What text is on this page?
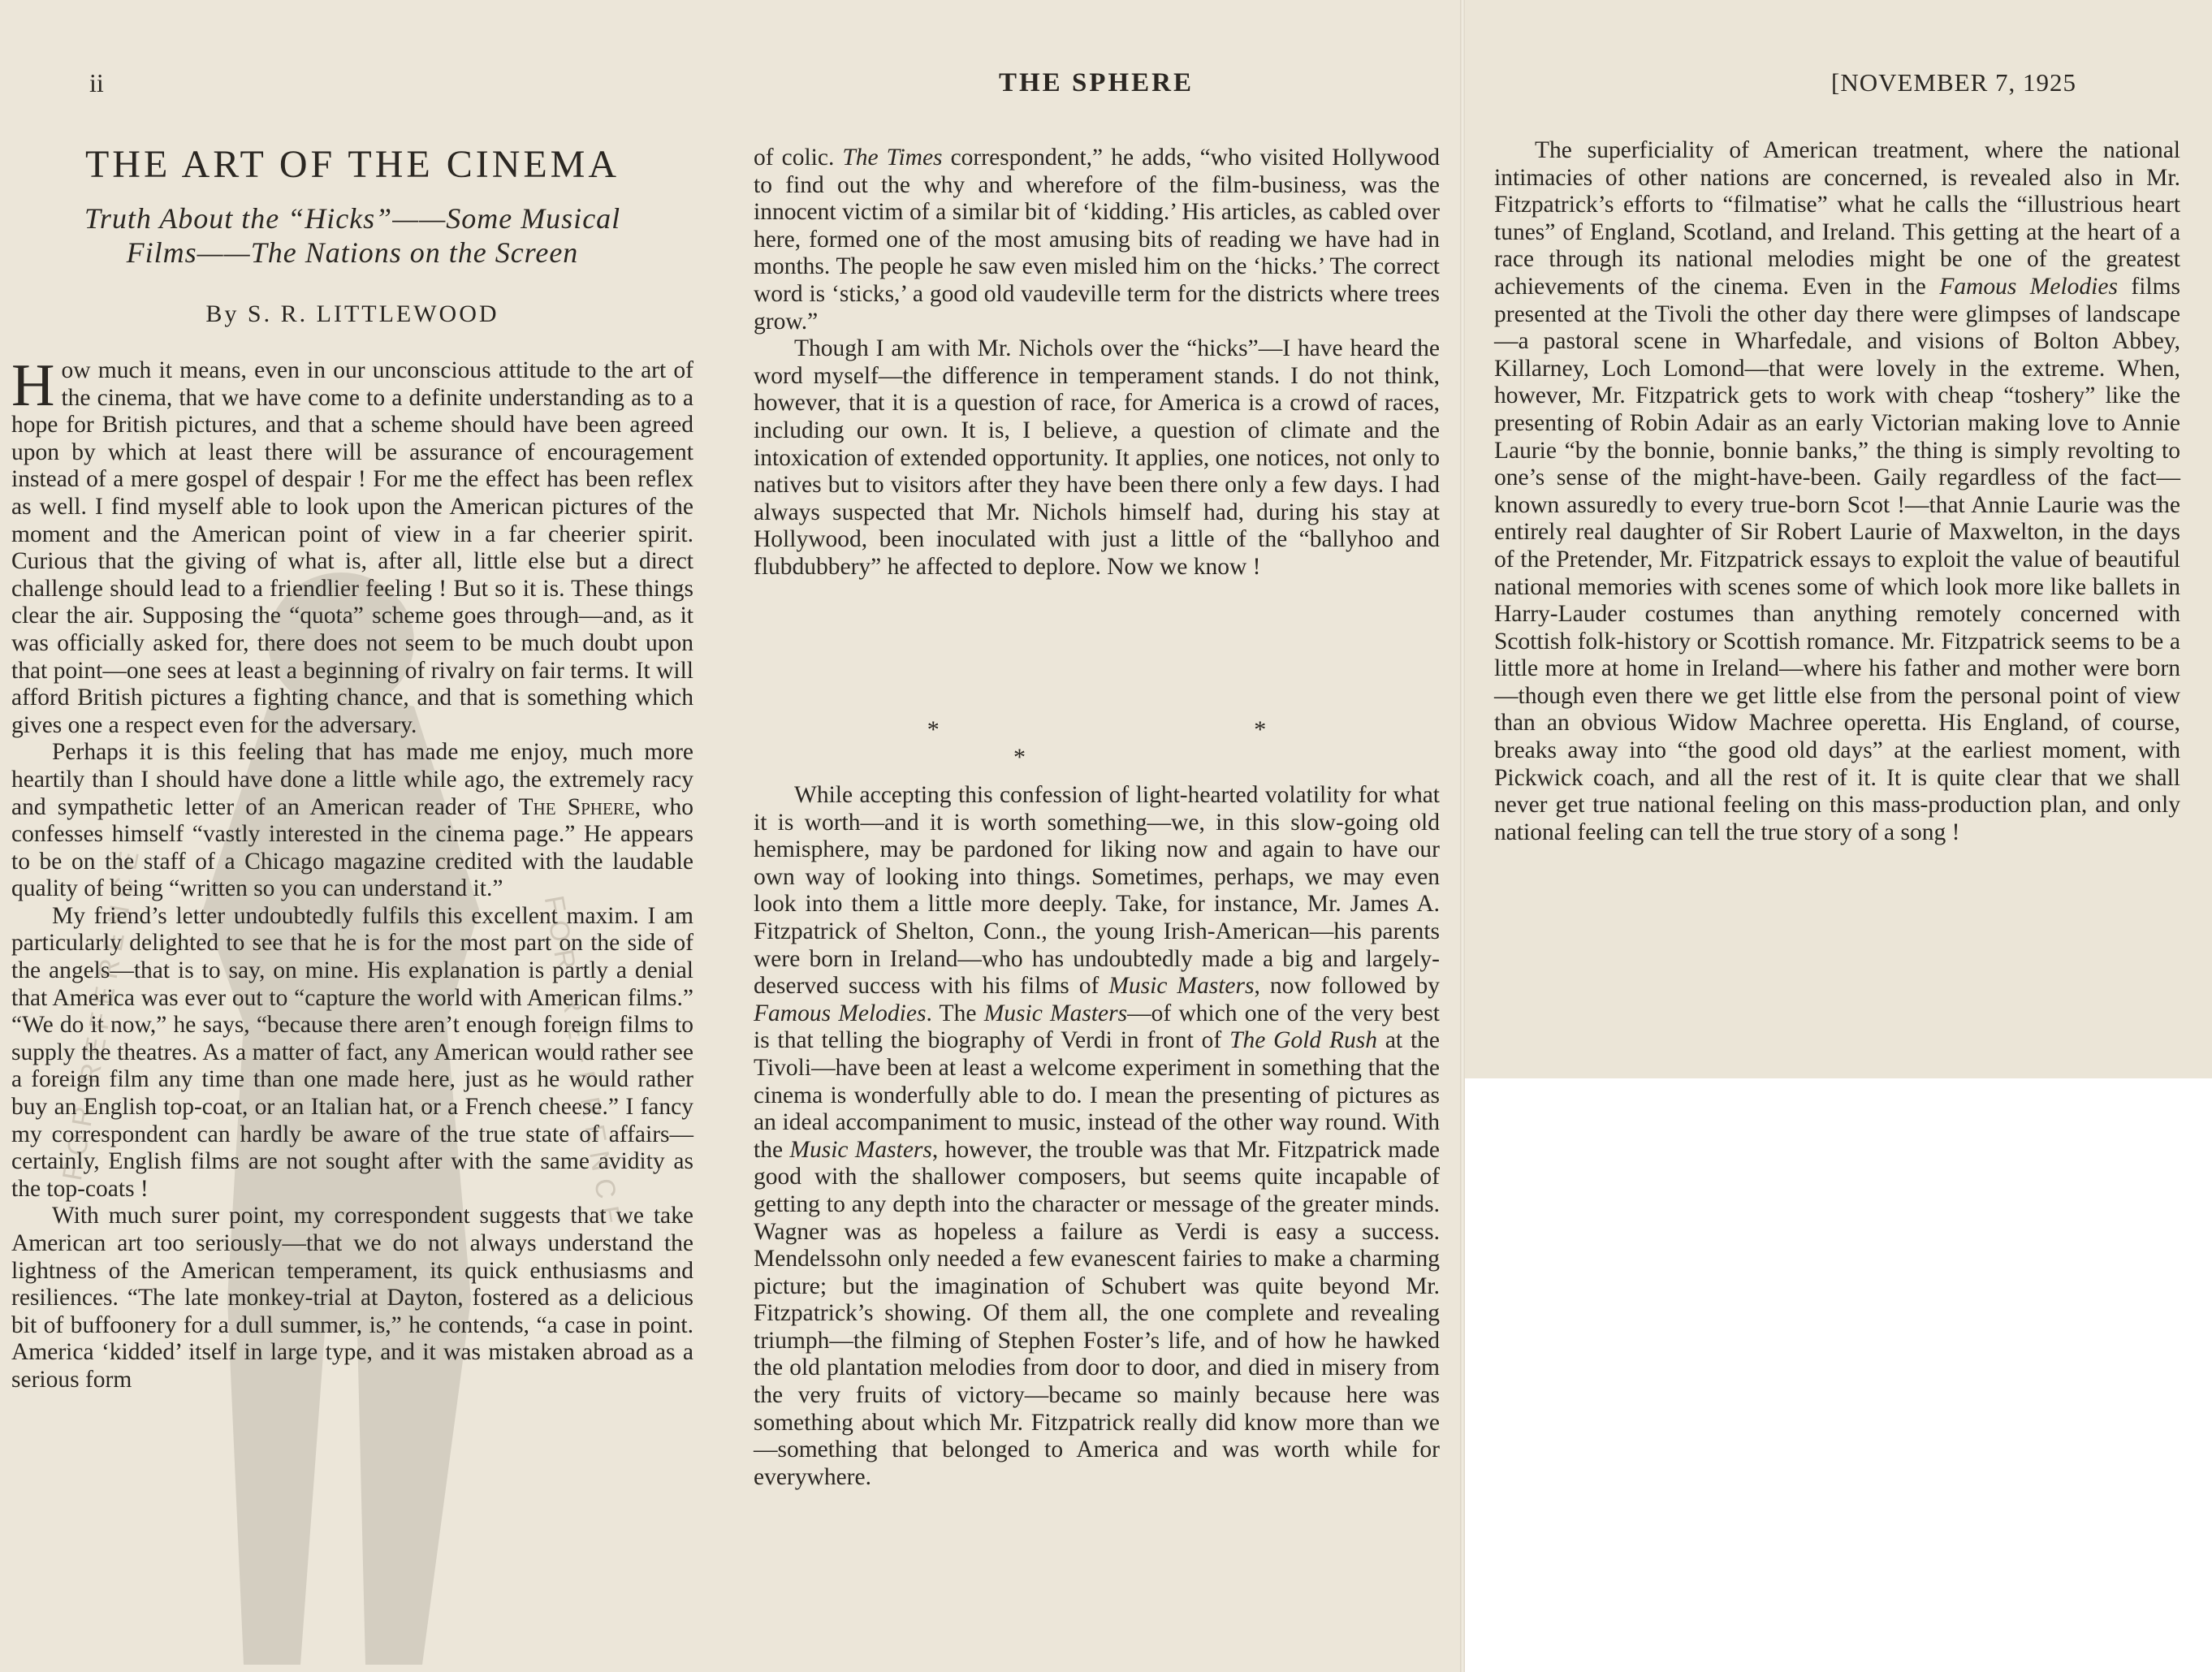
FOR REFERENCE	FOR REFERENCE
ii	THE SPHERE	[NOVEMBER 7, 1925
THE ART OF THE CINEMA
Truth About the “Hicks”——Some Musical
Films——The Nations on the Screen
By S. R. LITTLEWOOD

How much it means, even in our unconscious attitude to the art of the cinema, that we have come to a definite understanding as to a hope for British pictures, and that a scheme should have been agreed upon by which at least there will be assurance of encouragement instead of a mere gospel of despair ! For me the effect has been reflex as well. I find myself able to look upon the American pictures of the moment and the American point of view in a far cheerier spirit. Curious that the giving of what is, after all, little else but a direct challenge should lead to a friendlier feeling ! But so it is. These things clear the air. Supposing the “quota” scheme goes through—and, as it was officially asked for, there does not seem to be much doubt upon that point—one sees at least a beginning of rivalry on fair terms. It will afford British pictures a fighting chance, and that is something which gives one a respect even for the adversary.

Perhaps it is this feeling that has made me enjoy, much more heartily than I should have done a little while ago, the extremely racy and sympathetic letter of an American reader of The Sphere, who confesses himself “vastly interested in the cinema page.” He appears to be on the staff of a Chicago magazine credited with the laudable quality of being “written so you can understand it.”

My friend’s letter undoubtedly fulfils this excellent maxim. I am particularly delighted to see that he is for the most part on the side of the angels—that is to say, on mine. His explanation is partly a denial that America was ever out to “capture the world with American films.” “We do it now,” he says, “because there aren’t enough foreign films to supply the theatres. As a matter of fact, any American would rather see a foreign film any time than one made here, just as he would rather buy an English top-coat, or an Italian hat, or a French cheese.” I fancy my correspondent can hardly be aware of the true state of affairs—certainly, English films are not sought after with the same avidity as the top-coats !

With much surer point, my correspondent suggests that we take American art too seriously—that we do not always understand the lightness of the American temperament, its quick enthusiasms and resiliences. “The late monkey-trial at Dayton, fostered as a delicious bit of buffoonery for a dull summer, is,” he contends, “a case in point. America ‘kidded’ itself in large type, and it was mistaken abroad as a serious form

of colic. The Times correspondent,” he adds, “who visited Hollywood to find out the why and wherefore of the film-business, was the innocent victim of a similar bit of ‘kidding.’ His articles, as cabled over here, formed one of the most amusing bits of reading we have had in months. The people he saw even misled him on the ‘hicks.’ The correct word is ‘sticks,’ a good old vaudeville term for the districts where trees grow.”

Though I am with Mr. Nichols over the “hicks”—I have heard the word myself—the difference in temperament stands. I do not think, however, that it is a question of race, for America is a crowd of races, including our own. It is, I believe, a question of climate and the intoxication of extended opportunity. It applies, one notices, not only to natives but to visitors after they have been there only a few days. I had always suspected that Mr. Nichols himself had, during his stay at Hollywood, been inoculated with just a little of the “ballyhoo and flubdubbery” he affected to deplore. Now we know !

* * *

While accepting this confession of light-hearted volatility for what it is worth—and it is worth something—we, in this slow-going old hemisphere, may be pardoned for liking now and again to have our own way of looking into things. Sometimes, perhaps, we may even look into them a little more deeply. Take, for instance, Mr. James A. Fitzpatrick of Shelton, Conn., the young Irish-American—his parents were born in Ireland—who has undoubtedly made a big and largely-deserved success with his films of Music Masters, now followed by Famous Melodies. The Music Masters—of which one of the very best is that telling the biography of Verdi in front of The Gold Rush at the Tivoli—have been at least a welcome experiment in something that the cinema is wonderfully able to do. I mean the presenting of pictures as an ideal accompaniment to music, instead of the other way round. With the Music Masters, however, the trouble was that Mr. Fitzpatrick made good with the shallower composers, but seems quite incapable of getting to any depth into the character or message of the greater minds. Wagner was as hopeless a failure as Verdi is easy a success. Mendelssohn only needed a few evanescent fairies to make a charming picture; but the imagination of Schubert was quite beyond Mr. Fitzpatrick’s showing. Of them all, the one complete and revealing triumph—the filming of Stephen Foster’s life, and of how he hawked the old plantation melodies from door to door, and died in misery from the very fruits of victory—became so mainly because here was something about which Mr. Fitzpatrick really did know more than we—something that belonged to America and was worth while for everywhere.

The superficiality of American treatment, where the national intimacies of other nations are concerned, is revealed also in Mr. Fitzpatrick’s efforts to “filmatise” what he calls the “illustrious heart tunes” of England, Scotland, and Ireland. This getting at the heart of a race through its national melodies might be one of the greatest achievements of the cinema. Even in the Famous Melodies films presented at the Tivoli the other day there were glimpses of landscape—a pastoral scene in Wharfedale, and visions of Bolton Abbey, Killarney, Loch Lomond—that were lovely in the extreme. When, however, Mr. Fitzpatrick gets to work with cheap “toshery” like the presenting of Robin Adair as an early Victorian making love to Annie Laurie “by the bonnie, bonnie banks,” the thing is simply revolting to one’s sense of the might-have-been. Gaily regardless of the fact—known assuredly to every true-born Scot !—that Annie Laurie was the entirely real daughter of Sir Robert Laurie of Maxwelton, in the days of the Pretender, Mr. Fitzpatrick essays to exploit the value of beautiful national memories with scenes some of which look more like ballets in Harry-Lauder costumes than anything remotely concerned with Scottish folk-history or Scottish romance. Mr. Fitzpatrick seems to be a little more at home in Ireland—where his father and mother were born—though even there we get little else from the personal point of view than an obvious Widow Machree operetta. His England, of course, breaks away into “the good old days” at the earliest moment, with Pickwick coach, and all the rest of it. It is quite clear that we shall never get true national feeling on this mass-production plan, and only national feeling can tell the true story of a song !
